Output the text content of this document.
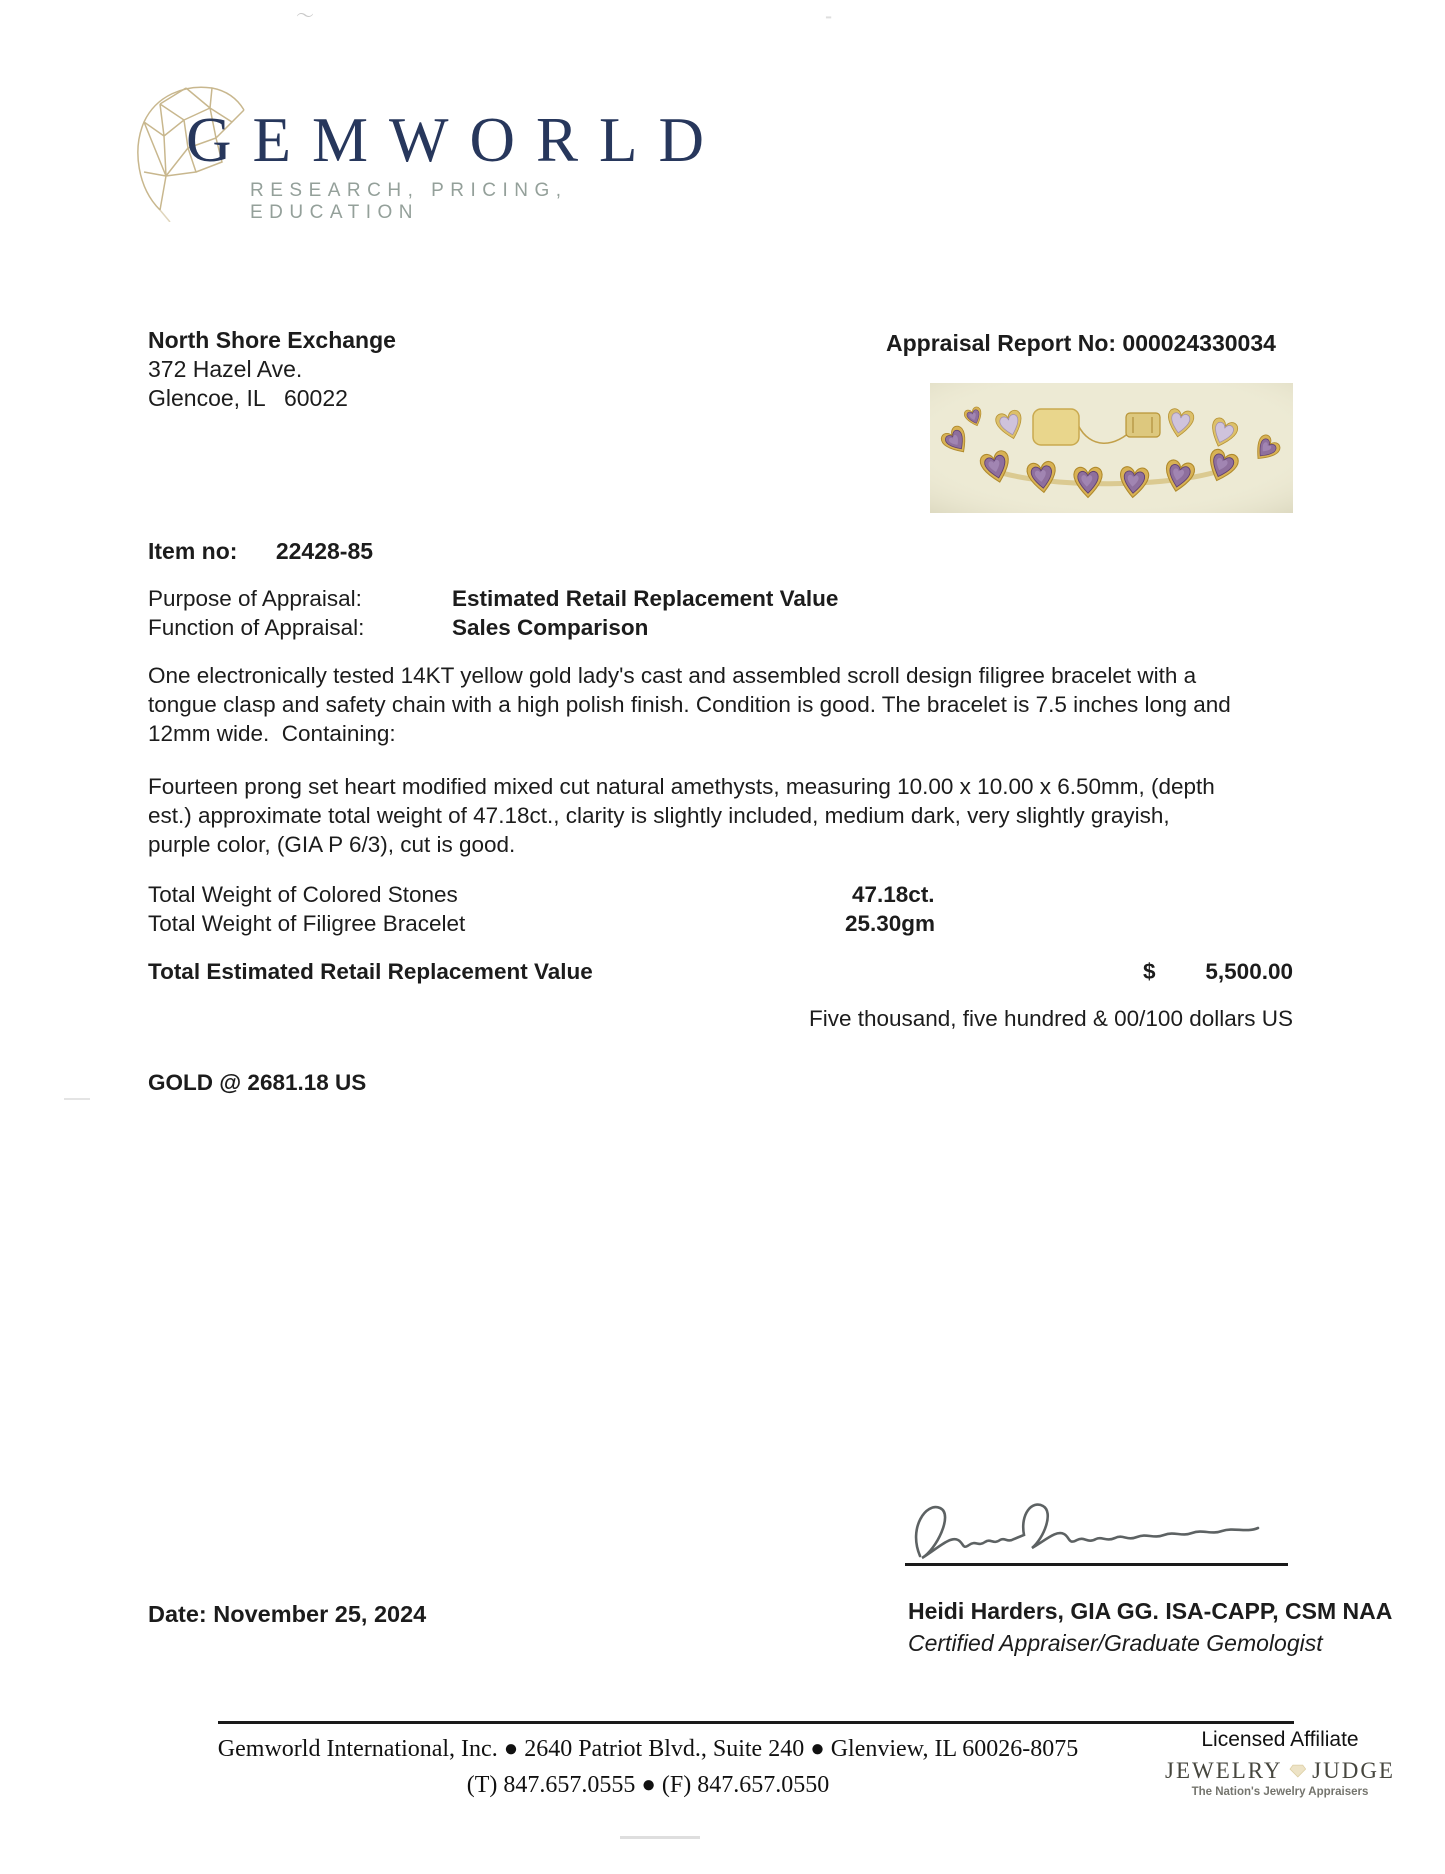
〜	⁃
GEMWORLD
RESEARCH, PRICING, EDUCATION
North Shore Exchange
372 Hazel Ave.
Glencoe, IL   60022
Appraisal Report No: 000024330034
Item no: 22428-85
Purpose of Appraisal:	Estimated Retail Replacement Value
Function of Appraisal:	Sales Comparison
One electronically tested 14KT yellow gold lady's cast and assembled scroll design filigree bracelet with a tongue clasp and safety chain with a high polish finish. Condition is good. The bracelet is 7.5 inches long and 12mm wide.  Containing:
Fourteen prong set heart modified mixed cut natural amethysts, measuring 10.00 x 10.00 x 6.50mm, (depth est.) approximate total weight of 47.18ct., clarity is slightly included, medium dark, very slightly grayish, purple color, (GIA P 6/3), cut is good.
Total Weight of Colored Stones	47.18ct.
Total Weight of Filigree Bracelet	25.30gm
Total Estimated Retail Replacement Value	$	5,500.00
Five thousand, five hundred & 00/100 dollars US
GOLD @ 2681.18 US
Date: November 25, 2024	Heidi Harders, GIA GG. ISA-CAPP, CSM NAA
Certified Appraiser/Graduate Gemologist
Gemworld International, Inc. ● 2640 Patriot Blvd., Suite 240 ● Glenview, IL 60026-8075
(T) 847.657.0555 ● (F) 847.657.0550
Licensed Affiliate
JEWELRY JUDGE
The Nation's Jewelry Appraisers
